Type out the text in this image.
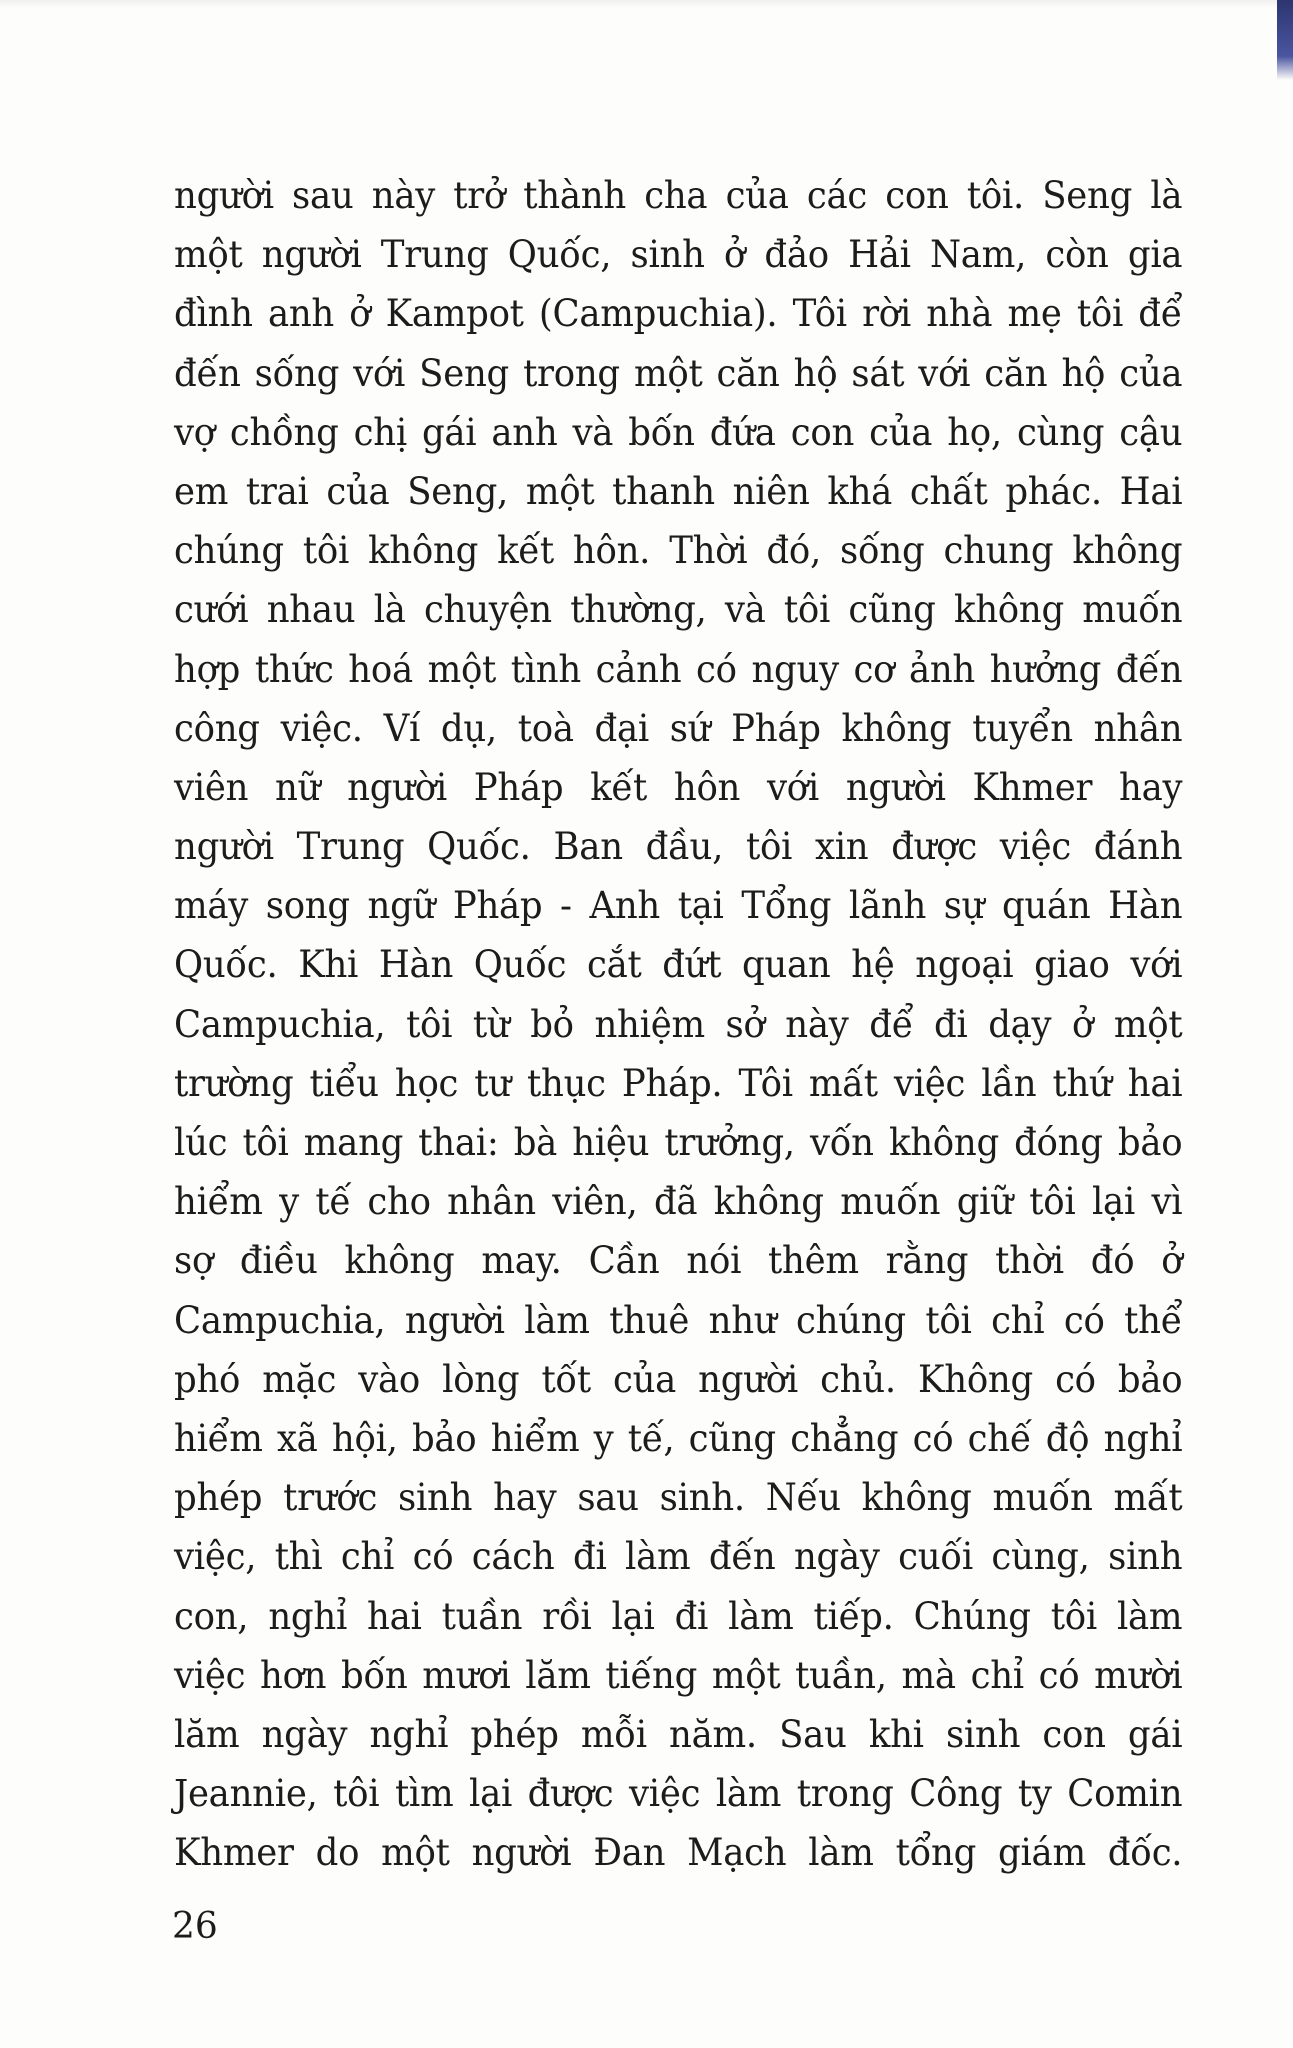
người sau này trở thành cha của các con tôi. Seng là
một người Trung Quốc, sinh ở đảo Hải Nam, còn gia
đình anh ở Kampot (Campuchia). Tôi rời nhà mẹ tôi để
đến sống với Seng trong một căn hộ sát với căn hộ của
vợ chồng chị gái anh và bốn đứa con của họ, cùng cậu
em trai của Seng, một thanh niên khá chất phác. Hai
chúng tôi không kết hôn. Thời đó, sống chung không
cưới nhau là chuyện thường, và tôi cũng không muốn
hợp thức hoá một tình cảnh có nguy cơ ảnh hưởng đến
công việc. Ví dụ, toà đại sứ Pháp không tuyển nhân
viên nữ người Pháp kết hôn với người Khmer hay
người Trung Quốc. Ban đầu, tôi xin được việc đánh
máy song ngữ Pháp - Anh tại Tổng lãnh sự quán Hàn
Quốc. Khi Hàn Quốc cắt đứt quan hệ ngoại giao với
Campuchia, tôi từ bỏ nhiệm sở này để đi dạy ở một
trường tiểu học tư thục Pháp. Tôi mất việc lần thứ hai
lúc tôi mang thai: bà hiệu trưởng, vốn không đóng bảo
hiểm y tế cho nhân viên, đã không muốn giữ tôi lại vì
sợ điều không may. Cần nói thêm rằng thời đó ở
Campuchia, người làm thuê như chúng tôi chỉ có thể
phó mặc vào lòng tốt của người chủ. Không có bảo
hiểm xã hội, bảo hiểm y tế, cũng chẳng có chế độ nghỉ
phép trước sinh hay sau sinh. Nếu không muốn mất
việc, thì chỉ có cách đi làm đến ngày cuối cùng, sinh
con, nghỉ hai tuần rồi lại đi làm tiếp. Chúng tôi làm
việc hơn bốn mươi lăm tiếng một tuần, mà chỉ có mười
lăm ngày nghỉ phép mỗi năm. Sau khi sinh con gái
Jeannie, tôi tìm lại được việc làm trong Công ty Comin
Khmer do một người Đan Mạch làm tổng giám đốc.
26
